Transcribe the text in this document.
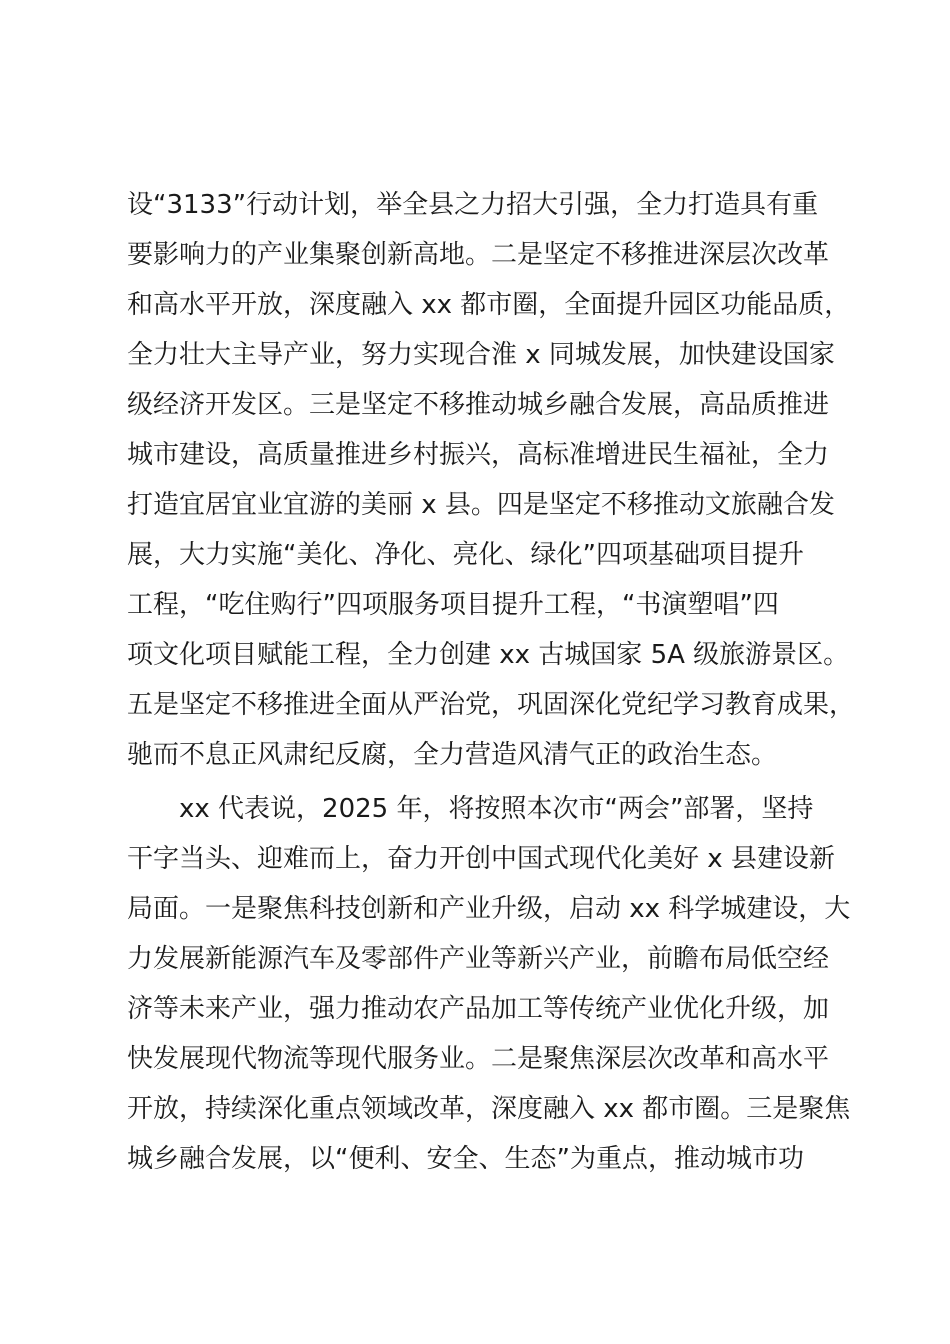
设“3133”行动计划，举全县之力招大引强，全力打造具有重
要影响力的产业集聚创新高地。二是坚定不移推进深层次改革
和高水平开放，深度融入 xx 都市圈，全面提升园区功能品质，
全力壮大主导产业，努力实现合淮 x 同城发展，加快建设国家
级经济开发区。三是坚定不移推动城乡融合发展，高品质推进
城市建设，高质量推进乡村振兴，高标准增进民生福祉，全力
打造宜居宜业宜游的美丽 x 县。四是坚定不移推动文旅融合发
展，大力实施“美化、净化、亮化、绿化”四项基础项目提升
工程，“吃住购行”四项服务项目提升工程，“书演塑唱”四
项文化项目赋能工程，全力创建 xx 古城国家 5A 级旅游景区。
五是坚定不移推进全面从严治党，巩固深化党纪学习教育成果，
驰而不息正风肃纪反腐，全力营造风清气正的政治生态。
　　xx 代表说，2025 年，将按照本次市“两会”部署，坚持
干字当头、迎难而上，奋力开创中国式现代化美好 x 县建设新
局面。一是聚焦科技创新和产业升级，启动 xx 科学城建设，大
力发展新能源汽车及零部件产业等新兴产业，前瞻布局低空经
济等未来产业，强力推动农产品加工等传统产业优化升级，加
快发展现代物流等现代服务业。二是聚焦深层次改革和高水平
开放，持续深化重点领域改革，深度融入 xx 都市圈。三是聚焦
城乡融合发展，以“便利、安全、生态”为重点，推动城市功
